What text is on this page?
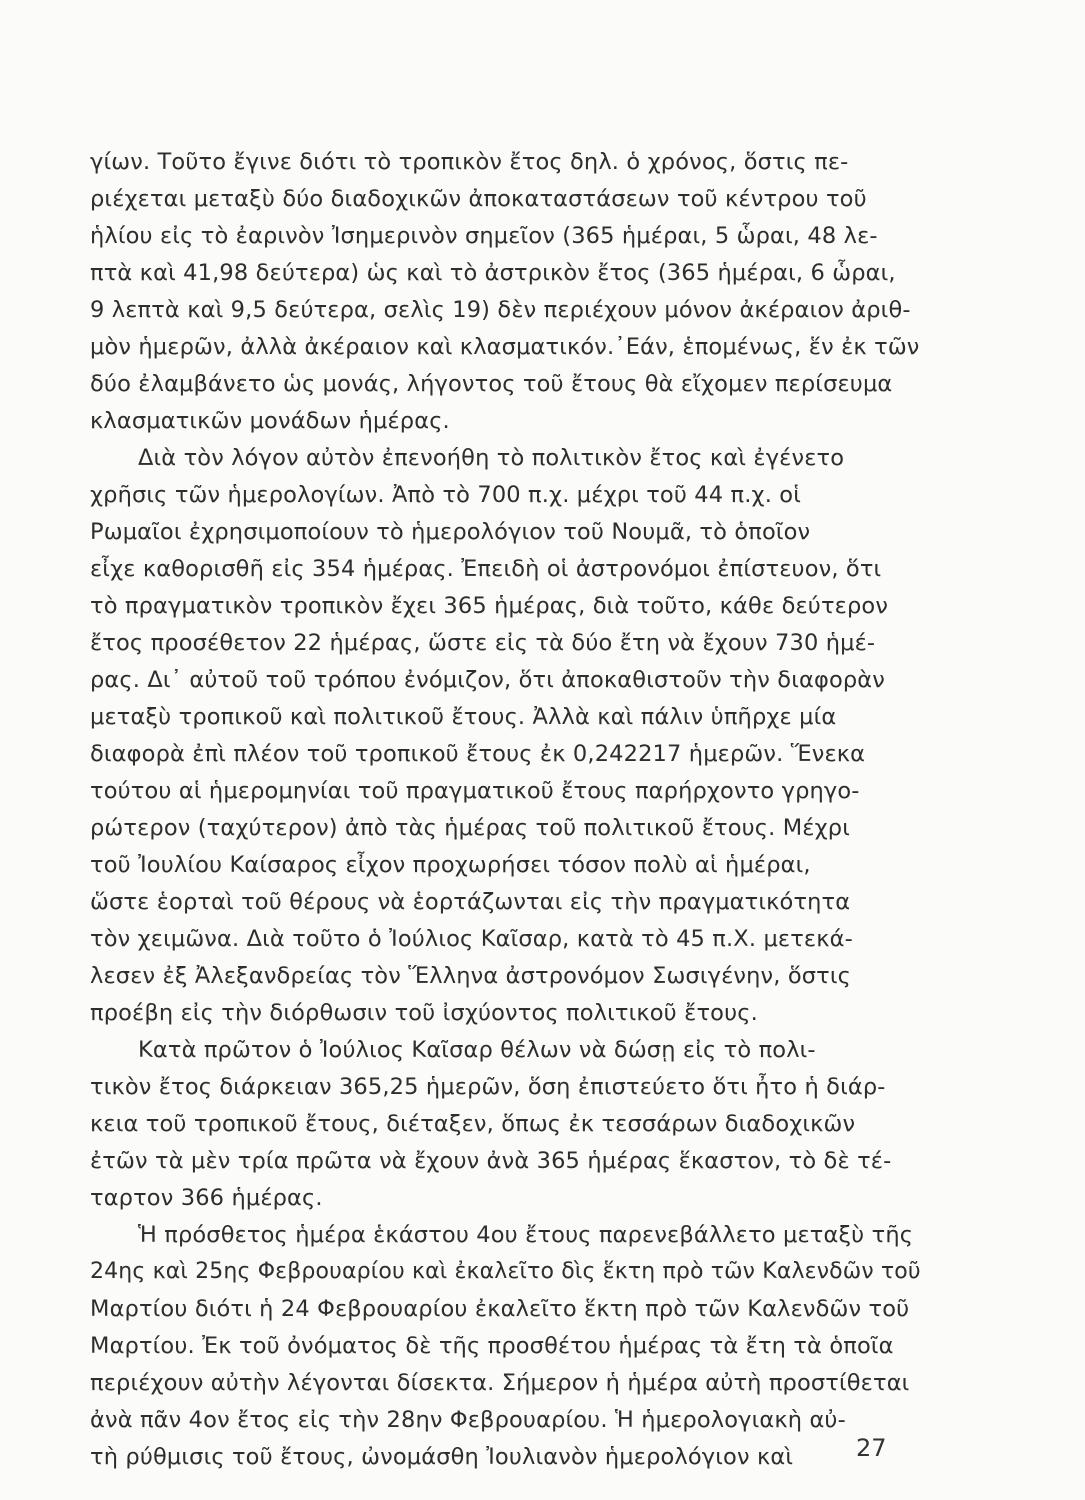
γίων. Τοῦτο ἔγινε διότι τὸ τροπικὸν ἔτος δηλ. ὁ χρόνος, ὅστις πε-
ριέχεται μεταξὺ δύο διαδοχικῶν ἀποκαταστάσεων τοῦ κέντρου τοῦ
ἡλίου εἰς τὸ ἐαρινὸν Ἰσημερινὸν σημεῖον (365 ἡμέραι, 5 ὧραι, 48 λε-
πτὰ καὶ 41,98 δεύτερα) ὡς καὶ τὸ ἀστρικὸν ἔτος (365 ἡμέραι, 6 ὧραι,
9 λεπτὰ καὶ 9,5 δεύτερα, σελὶς 19) δὲν περιέχουν μόνον ἀκέραιον ἀριθ-
μὸν ἡμερῶν, ἀλλὰ ἀκέραιον καὶ κλασματικόν.᾿Εάν, ἑπομένως, ἕν ἐκ τῶν
δύο ἐλαμβάνετο ὡς μονάς, λήγοντος τοῦ ἔτους θὰ εἴχομεν περίσευμα
κλασματικῶν μονάδων ἡμέρας.
Διὰ τὸν λόγον αὐτὸν ἐπενοήθη τὸ πολιτικὸν ἔτος καὶ ἐγένετο
χρῆσις τῶν ἡμερολογίων. Ἀπὸ τὸ 700 π.χ. μέχρι τοῦ 44 π.χ. οἱ
Ρωμαῖοι ἐχρησιμοποίουν τὸ ἡμερολόγιον τοῦ Νουμᾶ, τὸ ὁποῖον
εἶχε καθορισθῆ εἰς 354 ἡμέρας. Ἐπειδὴ οἱ ἀστρονόμοι ἐπίστευον, ὅτι
τὸ πραγματικὸν τροπικὸν ἔχει 365 ἡμέρας, διὰ τοῦτο, κάθε δεύτερον
ἔτος προσέθετον 22 ἡμέρας, ὥστε εἰς τὰ δύο ἔτη νὰ ἔχουν 730 ἡμέ-
ρας. Δι᾿ αὐτοῦ τοῦ τρόπου ἐνόμιζον, ὅτι ἀποκαθιστοῦν τὴν διαφορὰν
μεταξὺ τροπικοῦ καὶ πολιτικοῦ ἔτους. Ἀλλὰ καὶ πάλιν ὑπῆρχε μία
διαφορὰ ἐπὶ πλέον τοῦ τροπικοῦ ἔτους ἐκ 0,242217 ἡμερῶν. Ἕνεκα
τούτου αἱ ἡμερομηνίαι τοῦ πραγματικοῦ ἔτους παρήρχοντο γρηγο-
ρώτερον (ταχύτερον) ἀπὸ τὰς ἡμέρας τοῦ πολιτικοῦ ἔτους. Μέχρι
τοῦ Ἰουλίου Καίσαρος εἶχον προχωρήσει τόσον πολὺ αἱ ἡμέραι,
ὥστε ἑορταὶ τοῦ θέρους νὰ ἑορτάζωνται εἰς τὴν πραγματικότητα
τὸν χειμῶνα. Διὰ τοῦτο ὁ Ἰούλιος Καῖσαρ, κατὰ τὸ 45 π.Χ. μετεκά-
λεσεν ἐξ Ἀλεξανδρείας τὸν Ἕλληνα ἀστρονόμον Σωσιγένην, ὅστις
προέβη εἰς τὴν διόρθωσιν τοῦ ἰσχύοντος πολιτικοῦ ἔτους.
Κατὰ πρῶτον ὁ Ἰούλιος Καῖσαρ θέλων νὰ δώσῃ εἰς τὸ πολι-
τικὸν ἔτος διάρκειαν 365,25 ἡμερῶν, ὅση ἐπιστεύετο ὅτι ἦτο ἡ διάρ-
κεια τοῦ τροπικοῦ ἔτους, διέταξεν, ὅπως ἐκ τεσσάρων διαδοχικῶν
ἐτῶν τὰ μὲν τρία πρῶτα νὰ ἔχουν ἀνὰ 365 ἡμέρας ἕκαστον, τὸ δὲ τέ-
ταρτον 366 ἡμέρας.
Ἡ πρόσθετος ἡμέρα ἑκάστου 4ου ἔτους παρενεβάλλετο μεταξὺ τῆς
24ης καὶ 25ης Φεβρουαρίου καὶ ἐκαλεῖτο δὶς ἕκτη πρὸ τῶν Καλενδῶν τοῦ
Μαρτίου διότι ἡ 24 Φεβρουαρίου ἐκαλεῖτο ἕκτη πρὸ τῶν Καλενδῶν τοῦ
Μαρτίου. Ἐκ τοῦ ὀνόματος δὲ τῆς προσθέτου ἡμέρας τὰ ἔτη τὰ ὁποῖα
περιέχουν αὐτὴν λέγονται δίσεκτα. Σήμερον ἡ ἡμέρα αὐτὴ προστίθεται
ἀνὰ πᾶν 4ον ἔτος εἰς τὴν 28ην Φεβρουαρίου. Ἡ ἡμερολογιακὴ αὐ-
τὴ ρύθμισις τοῦ ἔτους, ὠνομάσθη Ἰουλιανὸν ἡμερολόγιον καὶ	27
